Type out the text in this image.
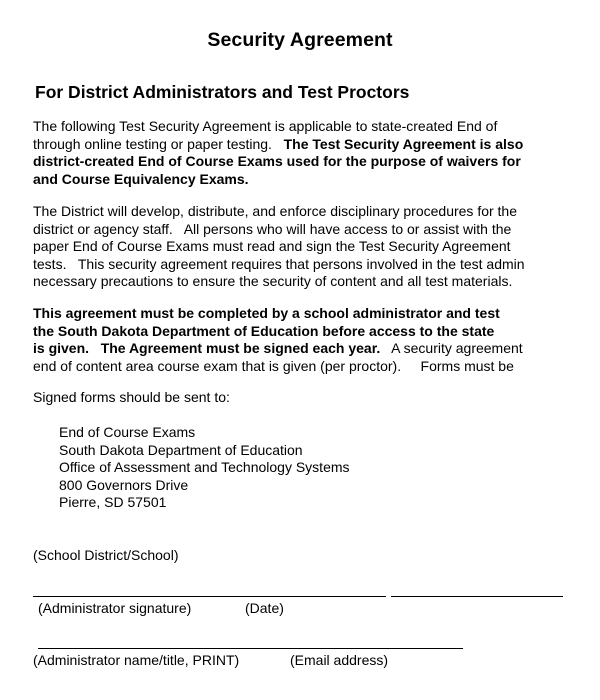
Security Agreement
For District Administrators and Test Proctors
The following Test Security Agreement is applicable to state-created End of
through online testing or paper testing.   The Test Security Agreement is also
district-created End of Course Exams used for the purpose of waivers for
and Course Equivalency Exams.
The District will develop, distribute, and enforce disciplinary procedures for the
district or agency staff.   All persons who will have access to or assist with the
paper End of Course Exams must read and sign the Test Security Agreement
tests.   This security agreement requires that persons involved in the test admin
necessary precautions to ensure the security of content and all test materials.
This agreement must be completed by a school administrator and test
the South Dakota Department of Education before access to the state
is given.   The Agreement must be signed each year.   A security agreement
end of content area course exam that is given (per proctor).     Forms must be
Signed forms should be sent to:
End of Course Exams
South Dakota Department of Education
Office of Assessment and Technology Systems
800 Governors Drive
Pierre, SD 57501
(School District/School)
(Administrator signature)	(Date)
(Administrator name/title, PRINT)	(Email address)
